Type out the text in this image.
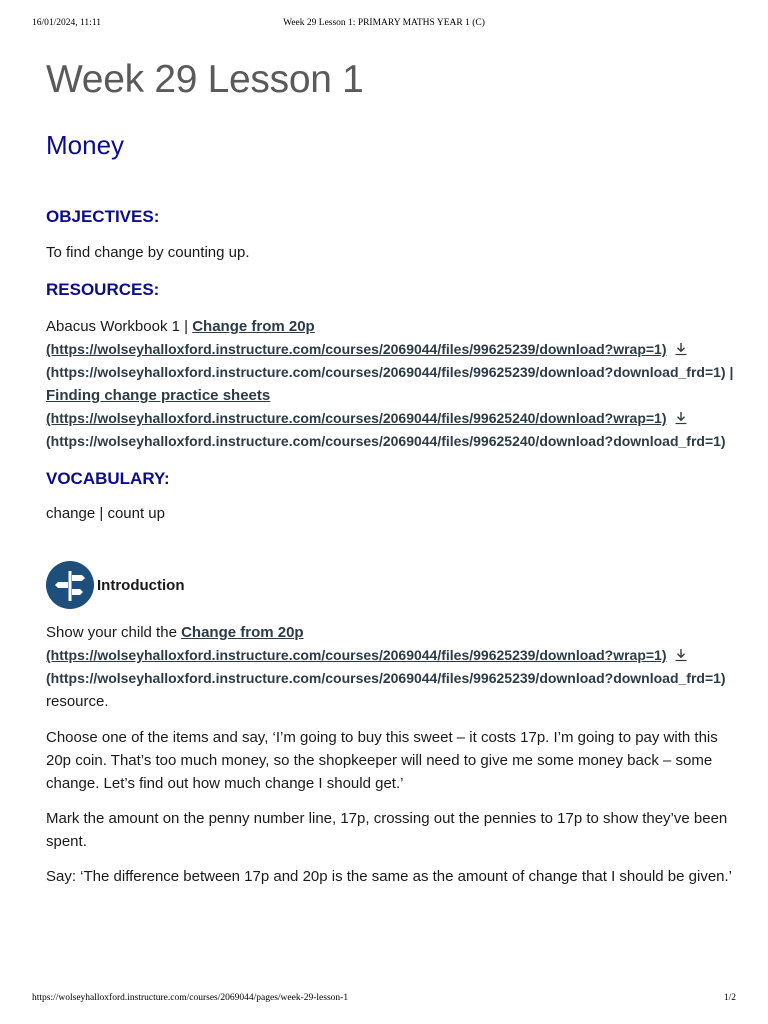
16/01/2024, 11:11	Week 29 Lesson 1: PRIMARY MATHS YEAR 1 (C)
Week 29 Lesson 1
Money
OBJECTIVES:

To find change by counting up.

RESOURCES:

Abacus Workbook 1 | Change from 20p

(https://wolseyhalloxford.instructure.com/courses/2069044/files/99625239/download?wrap=1)
(https://wolseyhalloxford.instructure.com/courses/2069044/files/99625239/download?download_frd=1) |

Finding change practice sheets

(https://wolseyhalloxford.instructure.com/courses/2069044/files/99625240/download?wrap=1)
(https://wolseyhalloxford.instructure.com/courses/2069044/files/99625240/download?download_frd=1)
VOCABULARY:

change | count up

Introduction

Show your child the Change from 20p

(https://wolseyhalloxford.instructure.com/courses/2069044/files/99625239/download?wrap=1)
(https://wolseyhalloxford.instructure.com/courses/2069044/files/99625239/download?download_frd=1)

resource.

Choose one of the items and say, ‘I’m going to buy this sweet – it costs 17p. I’m going to pay with this 20p coin. That’s too much money, so the shopkeeper will need to give me some money back – some change. Let’s find out how much change I should get.’

Mark the amount on the penny number line, 17p, crossing out the pennies to 17p to show they’ve been spent.

Say: ‘The difference between 17p and 20p is the same as the amount of change that I should be given.’

https://wolseyhalloxford.instructure.com/courses/2069044/pages/week-29-lesson-1	1/2
